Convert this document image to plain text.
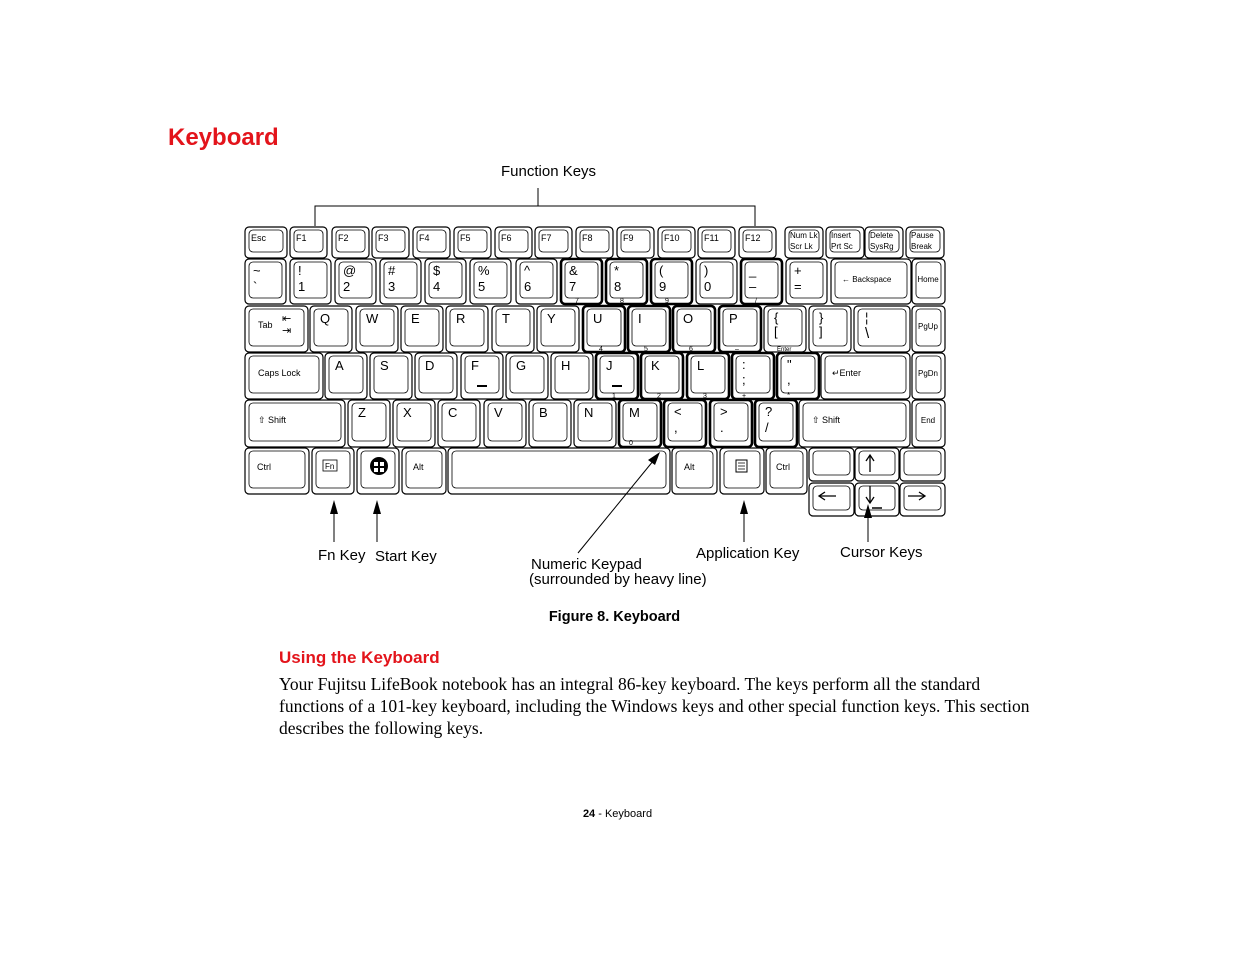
Keyboard
Esc	F1	F2	F3	F4	F5	F6	F7	F8	F9	F10	F11	F12	Num Lk
Scr Lk
Insert
Prt Sc
Delete
SysRg
Pause
Break
~
`
!
1
@
2
#
3
$
4
%
5
^
6
&
7
7
*
8
8
(
9
9
)
0
_
–
/
+
=	← Backspace	Home
Tab ⇤
⇥
Q	W	E	R	T	Y	U
4
I
5
O
6
P
–
{
[
Enter
}
]
¦
\	PgUp
Caps Lock	A	S	D	F	G	H	J
1
K
2
L
3
:
;
+
"
,
*
↵Enter	PgDn
⇧ Shift	Z	X	C	V	B	N	M
0
<
,
>
.
?
/	⇧ Shift	End
Ctrl	Fn	Alt	Alt	Ctrl
Function Keys
Fn Key Start Key	Numeric Keypad
(surrounded by heavy line)
Application Key	Cursor Keys
Figure 8. Keyboard
Using the Keyboard

Your Fujitsu LifeBook notebook has an integral 86-key keyboard. The keys perform all the standard functions of a 101-key keyboard, including the Windows keys and other special function keys. This section describes the following keys.

24 - Keyboard
